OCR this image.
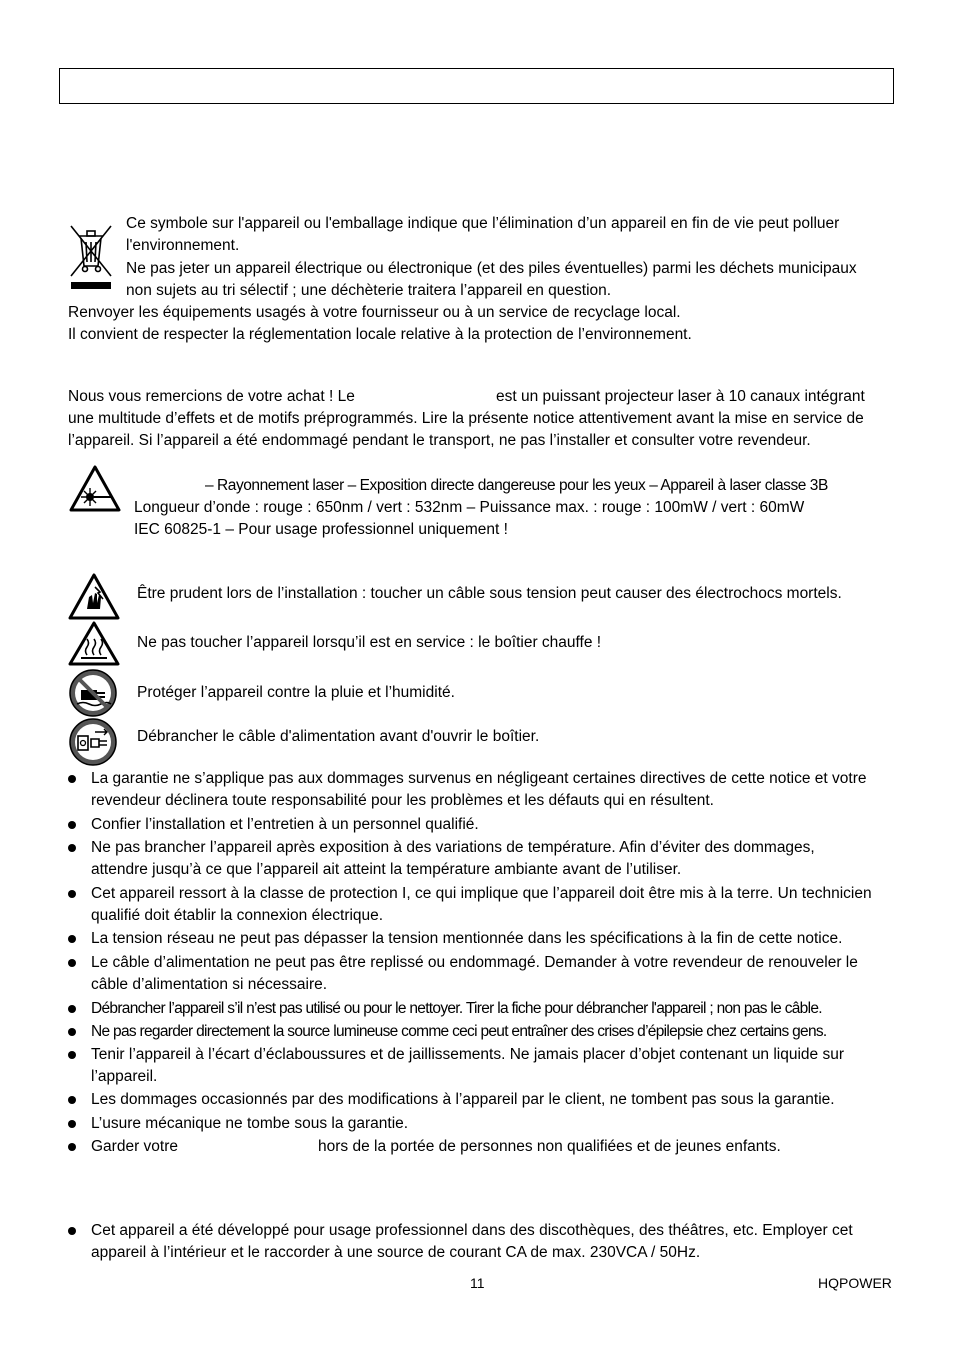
Ce symbole sur l'appareil ou l'emballage indique que l’élimination d’un appareil en fin de vie peut polluer
l'environnement.
Ne pas jeter un appareil électrique ou électronique (et des piles éventuelles) parmi les déchets municipaux
non sujets au tri sélectif ; une déchèterie traitera l’appareil en question.
Renvoyer les équipements usagés à votre fournisseur ou à un service de recyclage local.
Il convient de respecter la réglementation locale relative à la protection de l’environnement.
Nous vous remercions de votre achat ! Le	est un puissant projecteur laser à 10 canaux intégrant
une multitude d’effets et de motifs préprogrammés. Lire la présente notice attentivement avant la mise en service de
l’appareil. Si l’appareil a été endommagé pendant le transport, ne pas l’installer et consulter votre revendeur.
– Rayonnement laser – Exposition directe dangereuse pour les yeux – Appareil à laser classe 3B
Longueur d’onde : rouge : 650nm / vert : 532nm – Puissance max. : rouge : 100mW / vert : 60mW
IEC 60825-1 – Pour usage professionnel uniquement !
Être prudent lors de l’installation : toucher un câble sous tension peut causer des électrochocs mortels.
Ne pas toucher l’appareil lorsqu’il est en service : le boîtier chauffe !
Protéger l’appareil contre la pluie et l’humidité.
Débrancher le câble d'alimentation avant d'ouvrir le boîtier.
La garantie ne s’applique pas aux dommages survenus en négligeant certaines directives de cette notice et votre
revendeur déclinera toute responsabilité pour les problèmes et les défauts qui en résultent.
Confier l’installation et l’entretien à un personnel qualifié.
Ne pas brancher l’appareil après exposition à des variations de température. Afin d’éviter des dommages,
attendre jusqu’à ce que l’appareil ait atteint la température ambiante avant de l’utiliser.
Cet appareil ressort à la classe de protection I, ce qui implique que l’appareil doit être mis à la terre. Un technicien
qualifié doit établir la connexion électrique.
La tension réseau ne peut pas dépasser la tension mentionnée dans les spécifications à la fin de cette notice.
Le câble d’alimentation ne peut pas être replissé ou endommagé. Demander à votre revendeur de renouveler le
câble d’alimentation si nécessaire.
Débrancher l’appareil s’il n’est pas utilisé ou pour le nettoyer. Tirer la fiche pour débrancher l'appareil ; non pas le câble.
Ne pas regarder directement la source lumineuse comme ceci peut entraîner des crises d’épilepsie chez certains gens.
Tenir l’appareil à l’écart d’éclaboussures et de jaillissements. Ne jamais placer d’objet contenant un liquide sur
l’appareil.
Les dommages occasionnés par des modifications à l’appareil par le client, ne tombent pas sous la garantie.
L’usure mécanique ne tombe sous la garantie.
Garder votre	hors de la portée de personnes non qualifiées et de jeunes enfants.
Cet appareil a été développé pour usage professionnel dans des discothèques, des théâtres, etc. Employer cet
appareil à l’intérieur et le raccorder à une source de courant CA de max. 230VCA / 50Hz.
11	HQPOWER
